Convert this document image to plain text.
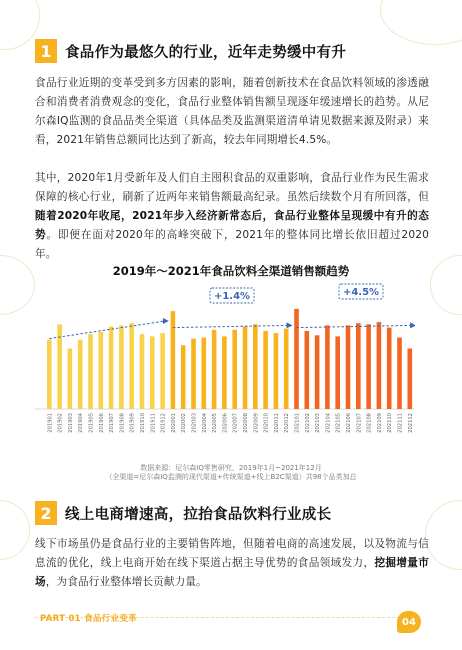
1 食品作为最悠久的行业，近年走势缓中有升

食品行业近期的变革受到多方因素的影响，随着创新技术在食品饮料领域的渗透融合和消费者消费观念的变化，食品行业整体销售额呈现逐年缓速增长的趋势。从尼尔森IQ监测的食品品类全渠道（具体品类及监测渠道清单请见数据来源及附录）来看，2021年销售总额同比达到了新高，较去年同期增长4.5%。

其中，2020年1月受新年及人们自主囤积食品的双重影响，食品行业作为民生需求保障的核心行业，刷新了近两年来销售额最高纪录。虽然后续数个月有所回落，但随着2020年收尾，2021年步入经济新常态后，食品行业整体呈现缓中有升的态势。即便在面对2020年的高峰突破下，2021年的整体同比增长依旧超过2020年。

2019年～2021年食品饮料全渠道销售额趋势
+1.4%	+4.5%
201901 201902 201903 201904 201905 201906 201907 201908 201909 201910 201911 201912 202001 202002 202003 202004 202005 202006 202007 202008 202009 202010 202011 202012 202101 202102 202103 202104 202105 202106 202107 202108 202109 202110 202111 202112
数据来源：尼尔森IQ零售研究，2019年1月~2021年12月
（全渠道=尼尔森IQ监测的现代渠道+传统渠道+线上B2C渠道）共98个品类加总
2 线上电商增速高，拉抬食品饮料行业成长

线下市场虽仍是食品行业的主要销售阵地，但随着电商的高速发展，以及物流与信息流的优化，线上电商开始在线下渠道占据主导优势的食品领域发力，挖掘增量市场，为食品行业整体增长贡献力量。

PART 01 食品行业变革	04
